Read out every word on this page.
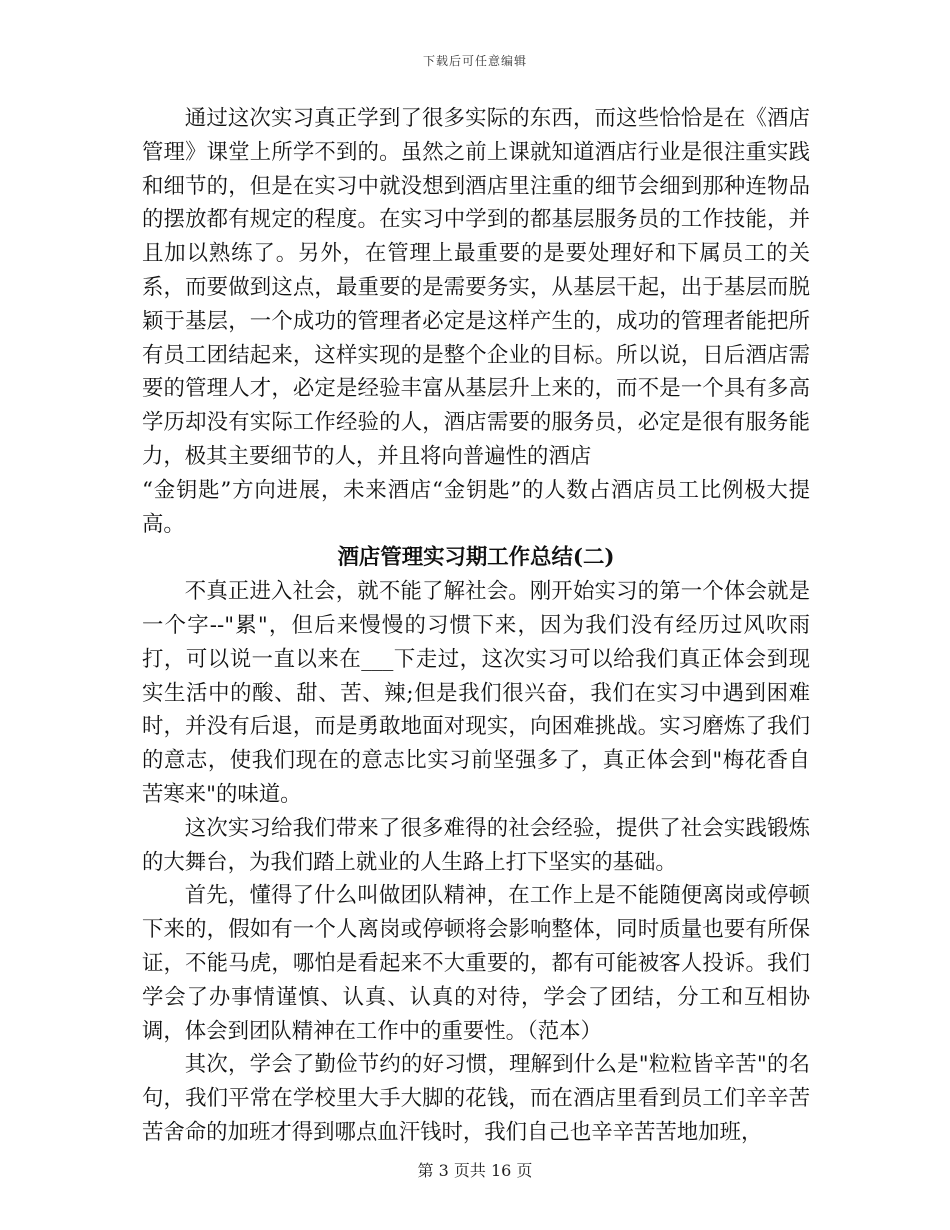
下载后可任意编辑

通过这次实习真正学到了很多实际的东西，而这些恰恰是在《酒店管理》课堂上所学不到的。虽然之前上课就知道酒店行业是很注重实践和细节的，但是在实习中就没想到酒店里注重的细节会细到那种连物品的摆放都有规定的程度。在实习中学到的都基层服务员的工作技能，并且加以熟练了。另外，在管理上最重要的是要处理好和下属员工的关系，而要做到这点，最重要的是需要务实，从基层干起，出于基层而脱颖于基层，一个成功的管理者必定是这样产生的，成功的管理者能把所有员工团结起来，这样实现的是整个企业的目标。所以说，日后酒店需要的管理人才，必定是经验丰富从基层升上来的，而不是一个具有多高学历却没有实际工作经验的人，酒店需要的服务员，必定是很有服务能力，极其主要细节的人，并且将向普遍性的酒店

“金钥匙”方向进展，未来酒店“金钥匙”的人数占酒店员工比例极大提高。

酒店管理实习期工作总结(二)

不真正进入社会，就不能了解社会。刚开始实习的第一个体会就是一个字--"累"，但后来慢慢的习惯下来，因为我们没有经历过风吹雨打，可以说一直以来在___下走过，这次实习可以给我们真正体会到现实生活中的酸、甜、苦、辣;但是我们很兴奋，我们在实习中遇到困难时，并没有后退，而是勇敢地面对现实，向困难挑战。实习磨炼了我们的意志，使我们现在的意志比实习前坚强多了，真正体会到"梅花香自苦寒来"的味道。

这次实习给我们带来了很多难得的社会经验，提供了社会实践锻炼的大舞台，为我们踏上就业的人生路上打下坚实的基础。

首先，懂得了什么叫做团队精神，在工作上是不能随便离岗或停顿下来的，假如有一个人离岗或停顿将会影响整体，同时质量也要有所保证，不能马虎，哪怕是看起来不大重要的，都有可能被客人投诉。我们学会了办事情谨慎、认真、认真的对待，学会了团结，分工和互相协调，体会到团队精神在工作中的重要性。（范本）

其次，学会了勤俭节约的好习惯，理解到什么是"粒粒皆辛苦"的名句，我们平常在学校里大手大脚的花钱，而在酒店里看到员工们辛辛苦苦舍命的加班才得到哪点血汗钱时，我们自己也辛辛苦苦地加班，

第 3 页共 16 页
